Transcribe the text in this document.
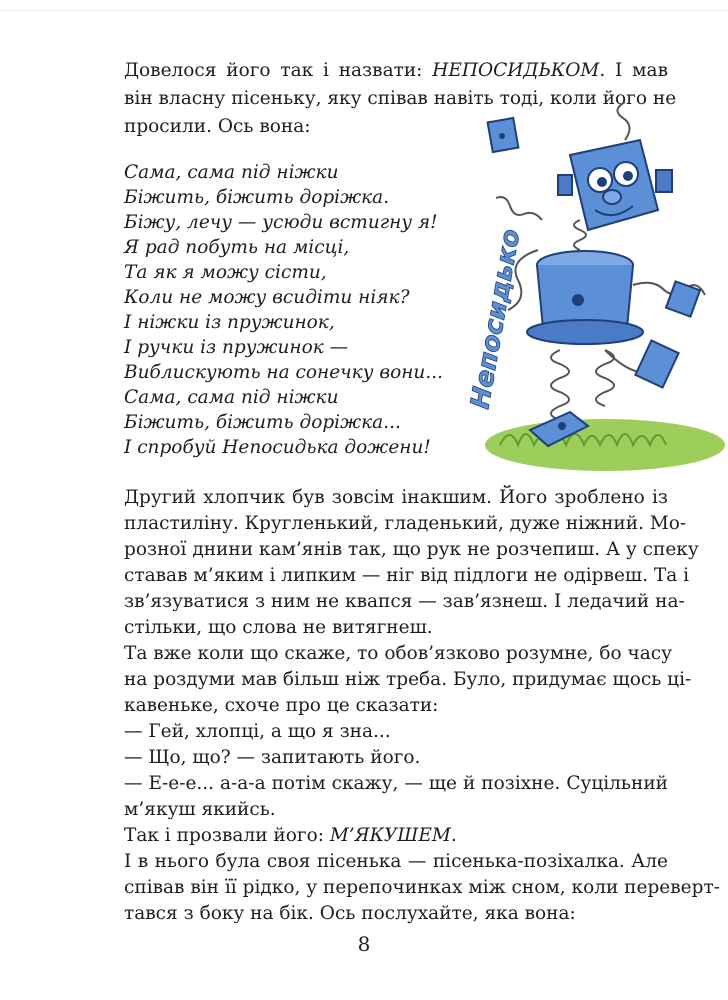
Довелося його так і назвати: НЕПОСИДЬКОМ. І мав
він власну пісеньку, яку співав навіть тоді, коли його не
просили. Ось вона:
Сама, сама під ніжки
Біжить, біжить доріжка.
Біжу, лечу — усюди встигну я!
Я рад побуть на місці,
Та як я можу сісти,
Коли не можу всидіти ніяк?
І ніжки із пружинок,
І ручки із пружинок —
Виблискують на сонечку вони...
Сама, сама під ніжки
Біжить, біжить доріжка...
І спробуй Непосидька дожени!
Непосидько
Другий хлопчик був зовсім інакшим. Його зроблено із
пластиліну. Кругленький, гладенький, дуже ніжний. Мо-
розної днини кам’янів так, що рук не розчепиш. А у спеку
ставав м’яким і липким — ніг від підлоги не одірвеш. Та і
зв’язуватися з ним не квапся — зав’язнеш. І ледачий на-
стільки, що слова не витягнеш.
Та вже коли що скаже, то обов’язково розумне, бо часу
на роздуми мав більш ніж треба. Було, придумає щось ці-
кавеньке, схоче про це сказати:
— Гей, хлопці, а що я зна...
— Що, що? — запитають його.
— Е-е-е... а-а-а потім скажу, — ще й позіхне. Суцільний
м’якуш якийсь.
Так і прозвали його: М’ЯКУШЕМ.
І в нього була своя пісенька — пісенька-позіхалка. Але
співав він її рідко, у перепочинках між сном, коли переверт-
тався з боку на бік. Ось послухайте, яка вона:
8
